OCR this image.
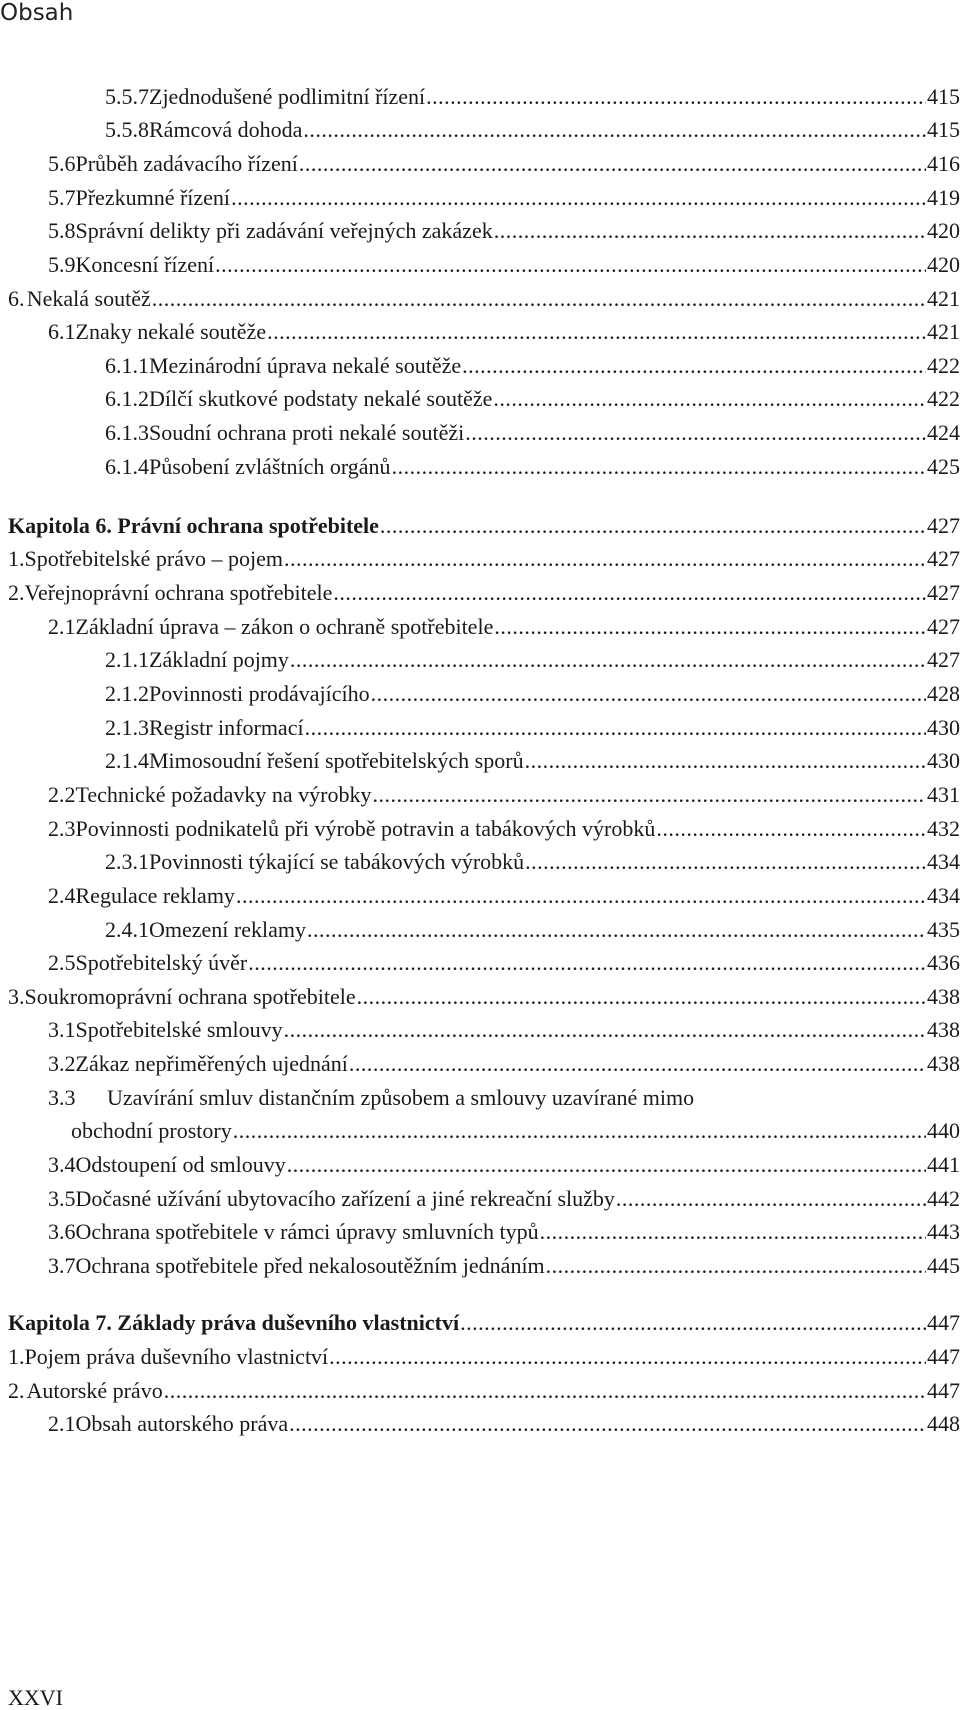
Obsah
5.5.7 Zjednodušené podlimitní řízení .....	415
5.5.8 Rámcová dohoda .....	415
5.6 Průběh zadávacího řízení .....	416
5.7 Přezkumné řízení .....	419
5.8 Správní delikty při zadávání veřejných zakázek .....	420
5.9 Koncesní řízení .....	420
6. Nekalá soutěž .....	421
6.1 Znaky nekalé soutěže .....	421
6.1.1 Mezinárodní úprava nekalé soutěže .....	422
6.1.2 Dílčí skutkové podstaty nekalé soutěže .....	422
6.1.3 Soudní ochrana proti nekalé soutěži .....	424
6.1.4 Působení zvláštních orgánů .....	425
Kapitola 6. Právní ochrana spotřebitele .....	427
1. Spotřebitelské právo – pojem .....	427
2. Veřejnoprávní ochrana spotřebitele .....	427
2.1 Základní úprava – zákon o ochraně spotřebitele .....	427
2.1.1 Základní pojmy .....	427
2.1.2 Povinnosti prodávajícího .....	428
2.1.3 Registr informací .....	430
2.1.4 Mimosoudní řešení spotřebitelských sporů .....	430
2.2 Technické požadavky na výrobky .....	431
2.3 Povinnosti podnikatelů při výrobě potravin a tabákových výrobků .....	432
2.3.1 Povinnosti týkající se tabákových výrobků .....	434
2.4 Regulace reklamy .....	434
2.4.1 Omezení reklamy .....	435
2.5 Spotřebitelský úvěr .....	436
3. Soukromoprávní ochrana spotřebitele .....	438
3.1 Spotřebitelské smlouvy .....	438
3.2 Zákaz nepřiměřených ujednání .....	438
3.3	Uzavírání smluv distančním způsobem a smlouvy uzavírané mimo
obchodní prostory .....	440
3.4 Odstoupení od smlouvy .....	441
3.5 Dočasné užívání ubytovacího zařízení a jiné rekreační služby .....	442
3.6 Ochrana spotřebitele v rámci úpravy smluvních typů .....	443
3.7 Ochrana spotřebitele před nekalosoutěžním jednáním .....	445
Kapitola 7. Základy práva duševního vlastnictví .....	447
1. Pojem práva duševního vlastnictví .....	447
2. Autorské právo .....	447
2.1 Obsah autorského práva .....	448
XXVI
